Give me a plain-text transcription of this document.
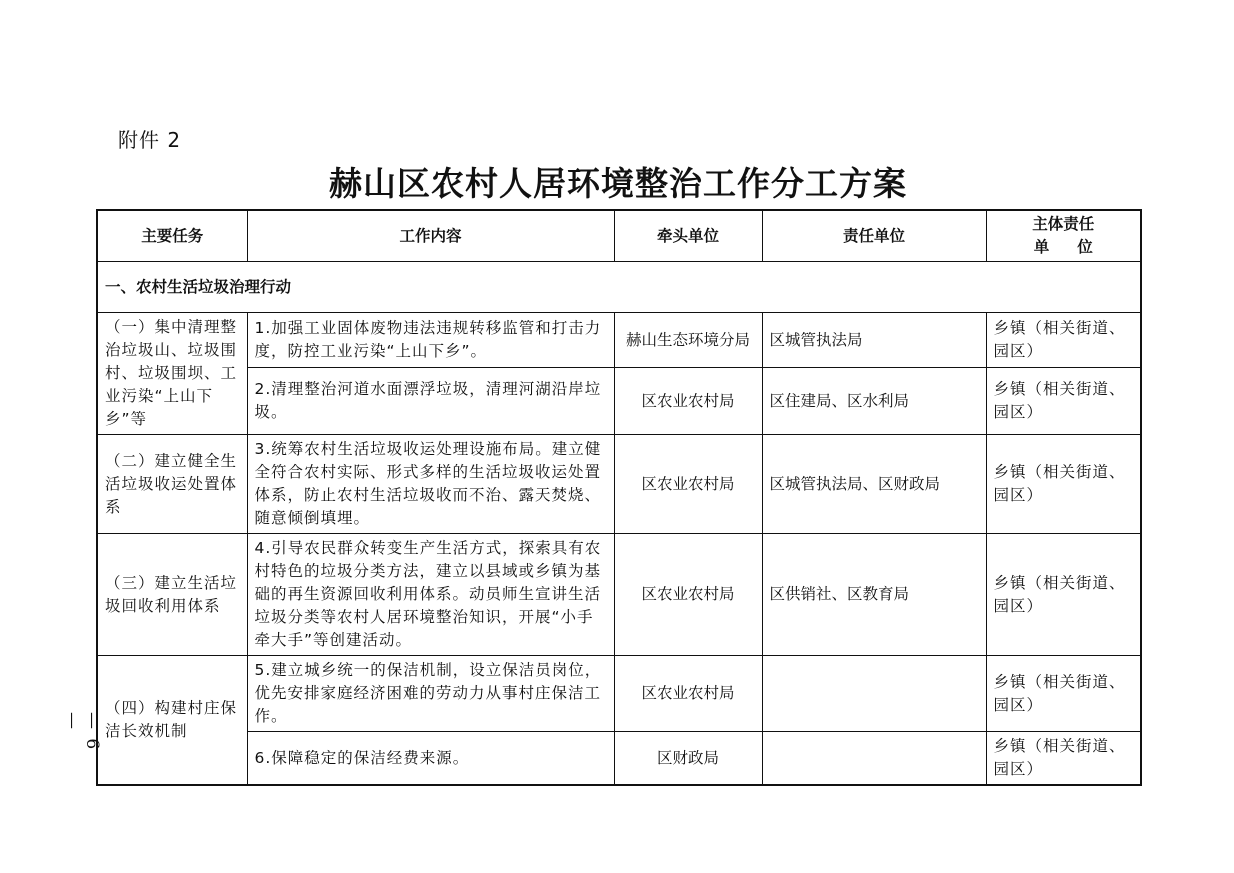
附件 2
赫山区农村人居环境整治工作分工方案
主要任务	工作内容	牵头单位	责任单位	主体责任
单位

一、农村生活垃圾治理行动				
（一）集中清理整治垃圾山、垃圾围村、垃圾围坝、工业污染“上山下乡”等	1.加强工业固体废物违法违规转移监管和打击力度，防控工业污染“上山下乡”。	赫山生态环境分局	区城管执法局	乡镇（相关街道、园区）
	2.清理整治河道水面漂浮垃圾，清理河湖沿岸垃圾。	区农业农村局	区住建局、区水利局	乡镇（相关街道、园区）
（二）建立健全生活垃圾收运处置体系	3.统筹农村生活垃圾收运处理设施布局。建立健全符合农村实际、形式多样的生活垃圾收运处置体系，防止农村生活垃圾收而不治、露天焚烧、随意倾倒填埋。	区农业农村局	区城管执法局、区财政局	乡镇（相关街道、园区）
（三）建立生活垃圾回收利用体系	4.引导农民群众转变生产生活方式，探索具有农村特色的垃圾分类方法，建立以县域或乡镇为基础的再生资源回收利用体系。动员师生宣讲生活垃圾分类等农村人居环境整治知识，开展“小手牵大手”等创建活动。	区农业农村局	区供销社、区教育局	乡镇（相关街道、园区）
（四）构建村庄保洁长效机制	5.建立城乡统一的保洁机制，设立保洁员岗位，优先安排家庭经济困难的劳动力从事村庄保洁工作。	区农业农村局		乡镇（相关街道、园区）
	6.保障稳定的保洁经费来源。	区财政局		乡镇（相关街道、园区）
— 6 —
